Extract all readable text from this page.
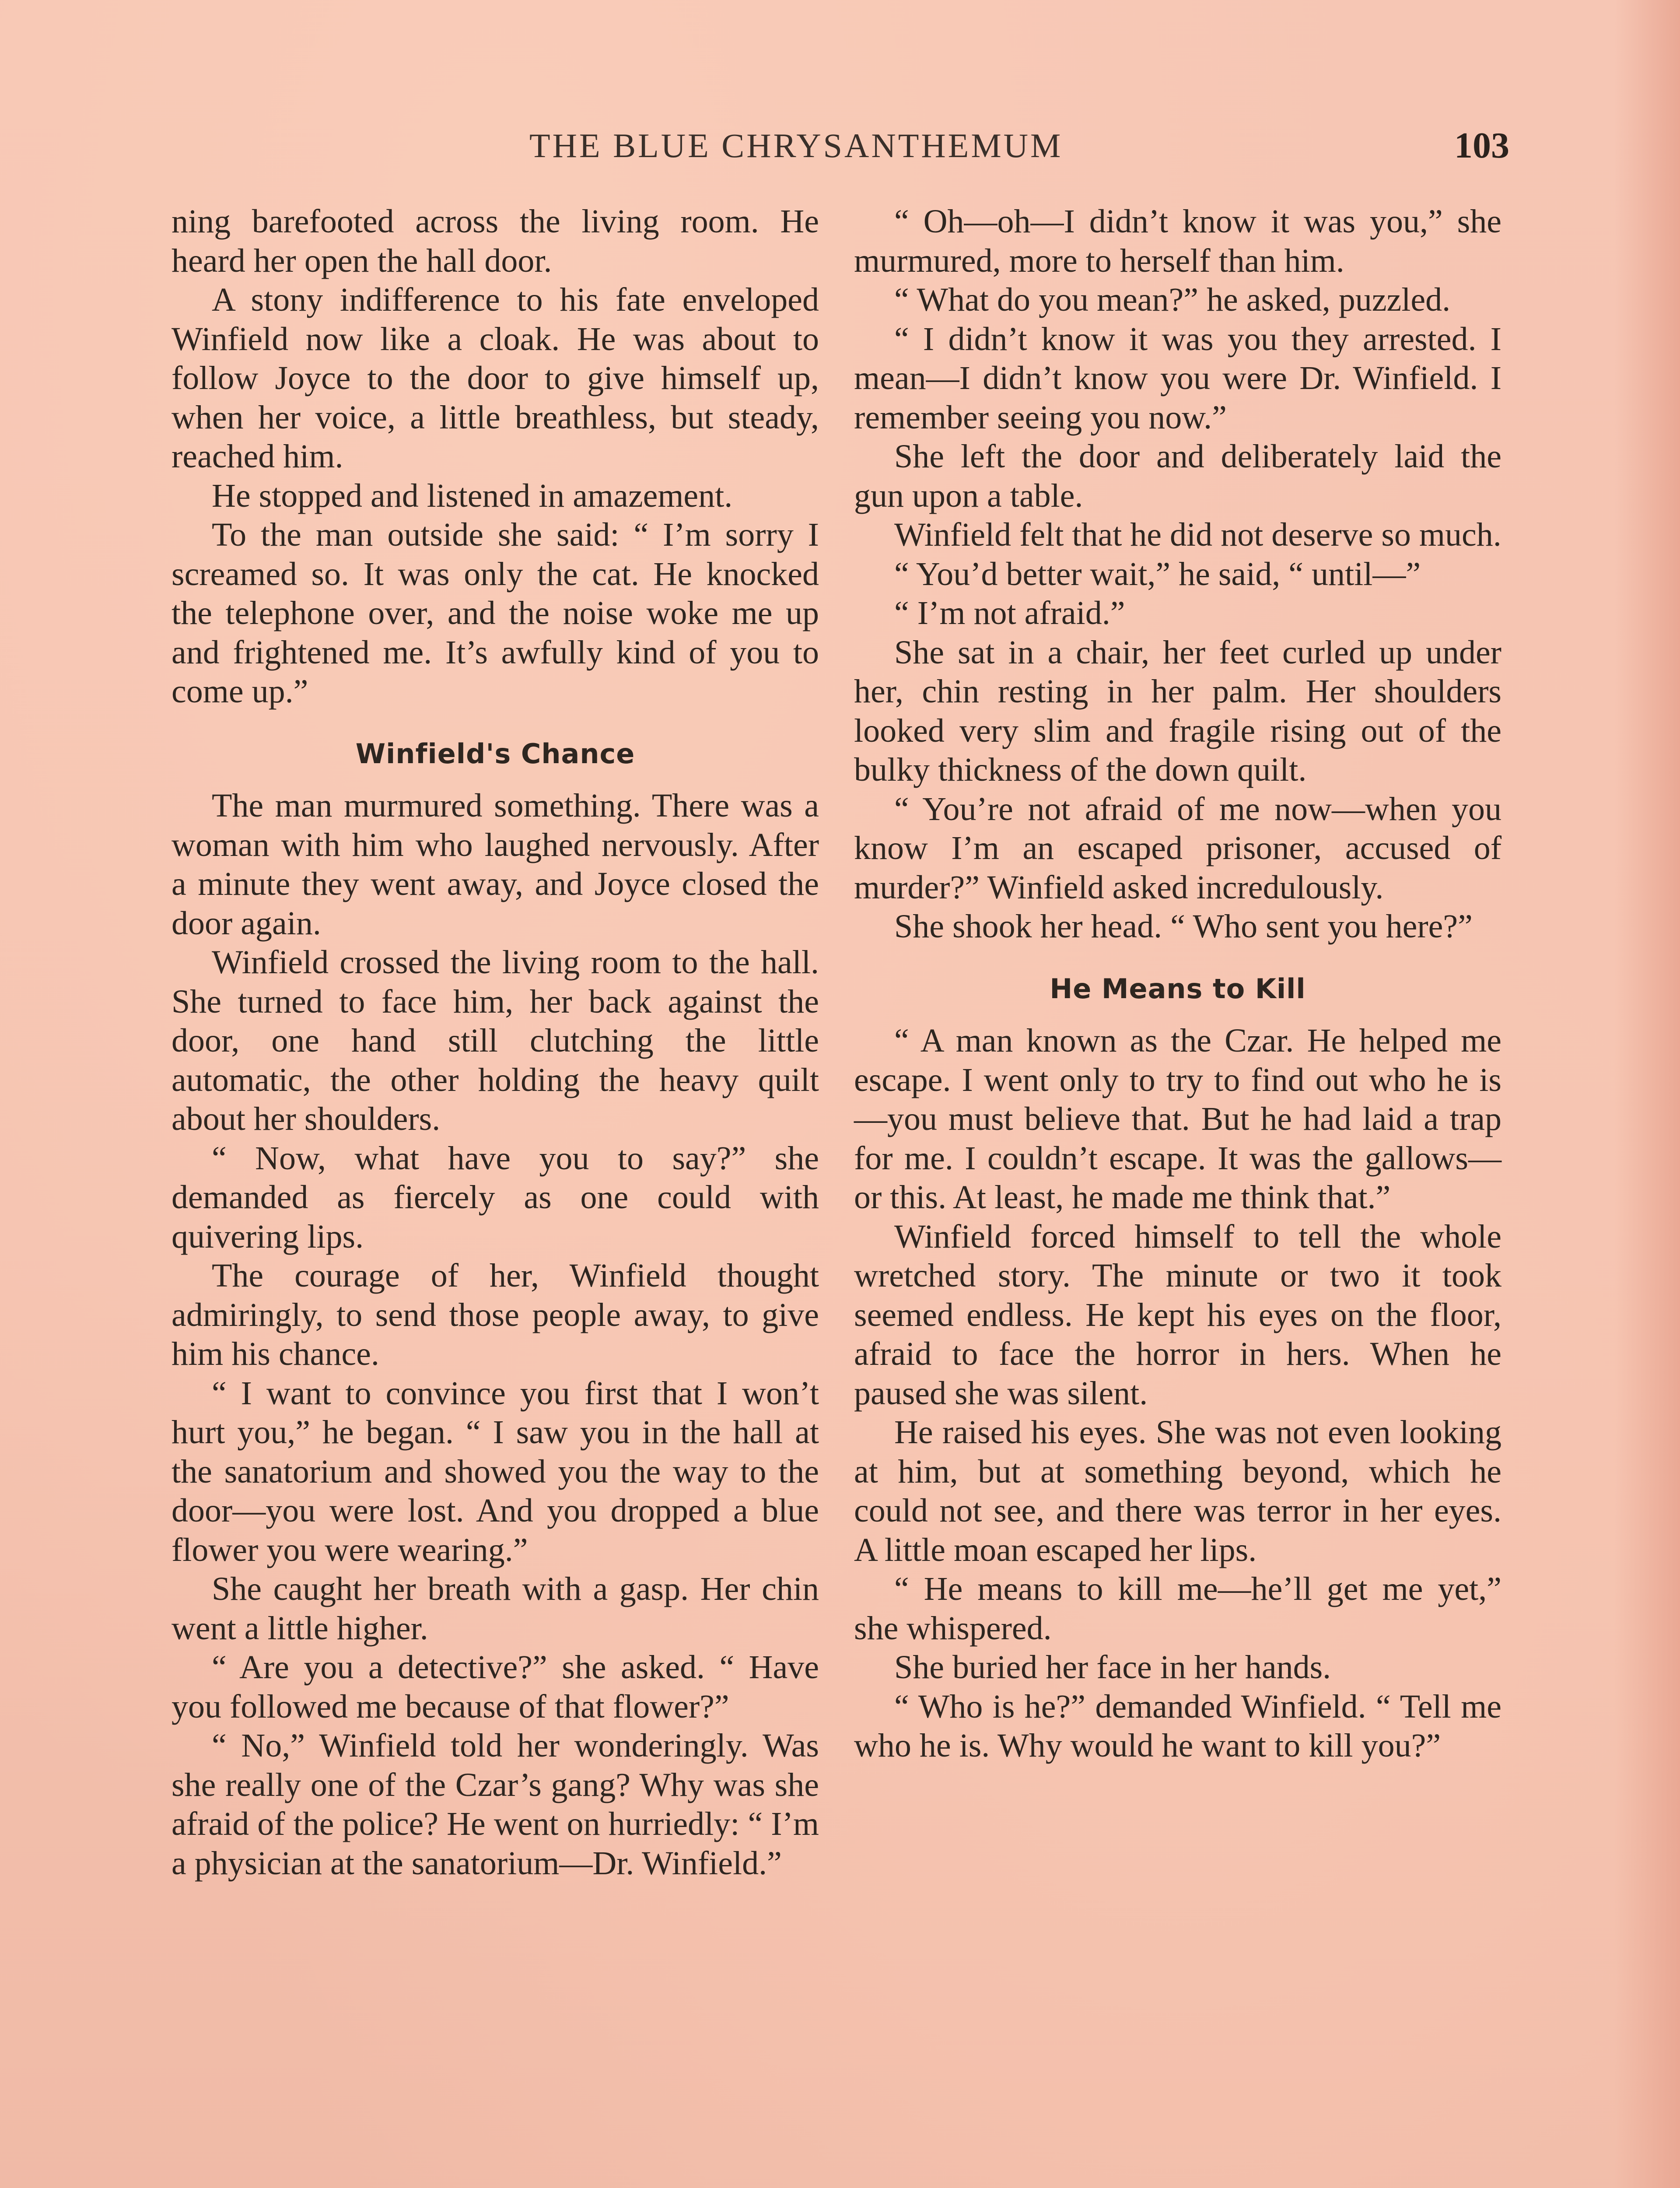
THE BLUE CHRYSANTHEMUM	103

ning barefooted across the living room. He heard her open the hall door.

A stony indifference to his fate enveloped Winfield now like a cloak. He was about to follow Joyce to the door to give himself up, when her voice, a little breathless, but steady, reached him.

He stopped and listened in amazement.

To the man outside she said: “ I’m sorry I screamed so. It was only the cat. He knocked the telephone over, and the noise woke me up and frightened me. It’s awfully kind of you to come up.”

Winfield's Chance

The man murmured something. There was a woman with him who laughed nervously. After a minute they went away, and Joyce closed the door again.

Winfield crossed the living room to the hall. She turned to face him, her back against the door, one hand still clutching the little automatic, the other holding the heavy quilt about her shoulders.

“ Now, what have you to say?” she demanded as fiercely as one could with quivering lips.

The courage of her, Winfield thought admiringly, to send those people away, to give him his chance.

“ I want to convince you first that I won’t hurt you,” he began. “ I saw you in the hall at the sanatorium and showed you the way to the door—you were lost. And you dropped a blue flower you were wearing.”

She caught her breath with a gasp. Her chin went a little higher.

“ Are you a detective?” she asked. “ Have you followed me because of that flower?”

“ No,” Winfield told her wonderingly. Was she really one of the Czar’s gang? Why was she afraid of the police? He went on hurriedly: “ I’m a physician at the sanatorium—Dr. Winfield.”

“ Oh—oh—I didn’t know it was you,” she murmured, more to herself than him.

“ What do you mean?” he asked, puzzled.

“ I didn’t know it was you they arrested. I mean—I didn’t know you were Dr. Winfield. I remember seeing you now.”

She left the door and deliberately laid the gun upon a table.

Winfield felt that he did not deserve so much.

“ You’d better wait,” he said, “ until—”

“ I’m not afraid.”

She sat in a chair, her feet curled up under her, chin resting in her palm. Her shoulders looked very slim and fragile rising out of the bulky thickness of the down quilt.

“ You’re not afraid of me now—when you know I’m an escaped prisoner, accused of murder?” Winfield asked incredulously.

She shook her head. “ Who sent you here?”

He Means to Kill

“ A man known as the Czar. He helped me escape. I went only to try to find out who he is—you must believe that. But he had laid a trap for me. I couldn’t escape. It was the gallows—or this. At least, he made me think that.”

Winfield forced himself to tell the whole wretched story. The minute or two it took seemed endless. He kept his eyes on the floor, afraid to face the horror in hers. When he paused she was silent.

He raised his eyes. She was not even looking at him, but at something beyond, which he could not see, and there was terror in her eyes. A little moan escaped her lips.

“ He means to kill me—he’ll get me yet,” she whispered.

She buried her face in her hands.

“ Who is he?” demanded Winfield. “ Tell me who he is. Why would he want to kill you?”
